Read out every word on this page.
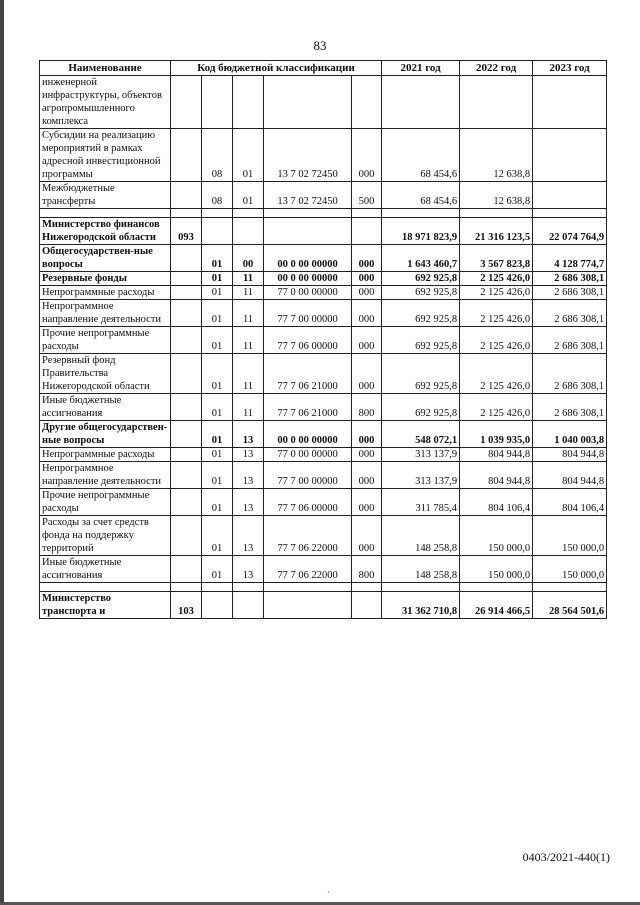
83
Наименование	Код бюджетной классификации					2021 год	2022 год	2023 год
инженерной инфраструктуры, объектов агропромышленного комплекса								
Субсидии на реализацию мероприятий в рамках адресной инвестиционной программы		08	01	13 7 02 72450	000	68 454,6	12 638,8	
Межбюджетные трансферты		08	01	13 7 02 72450	500	68 454,6	12 638,8	

Министерство финансов Нижегородской области	093					18 971 823,9	21 316 123,5	22 074 764,9
Общегосударствен-ные вопросы		01	00	00 0 00 00000	000	1 643 460,7	3 567 823,8	4 128 774,7
Резервные фонды		01	11	00 0 00 00000	000	692 925,8	2 125 426,0	2 686 308,1
Непрограммные расходы		01	11	77 0 00 00000	000	692 925,8	2 125 426,0	2 686 308,1
Непрограммное направление деятельности		01	11	77 7 00 00000	000	692 925,8	2 125 426,0	2 686 308,1
Прочие непрограммные расходы		01	11	77 7 06 00000	000	692 925,8	2 125 426,0	2 686 308,1
Резервный фонд Правительства Нижегородской области		01	11	77 7 06 21000	000	692 925,8	2 125 426,0	2 686 308,1
Иные бюджетные ассигнования		01	11	77 7 06 21000	800	692 925,8	2 125 426,0	2 686 308,1
Другие общегосударствен-ные вопросы		01	13	00 0 00 00000	000	548 072,1	1 039 935,0	1 040 003,8
Непрограммные расходы		01	13	77 0 00 00000	000	313 137,9	804 944,8	804 944,8
Непрограммное направление деятельности		01	13	77 7 00 00000	000	313 137,9	804 944,8	804 944,8
Прочие непрограммные расходы		01	13	77 7 06 00000	000	311 785,4	804 106,4	804 106,4
Расходы за счет средств фонда на поддержку территорий		01	13	77 7 06 22000	000	148 258,8	150 000,0	150 000,0
Иные бюджетные ассигнования		01	13	77 7 06 22000	800	148 258,8	150 000,0	150 000,0

Министерство транспорта и	103					31 362 710,8	26 914 466,5	28 564 501,6
0403/2021-440(1)
·
